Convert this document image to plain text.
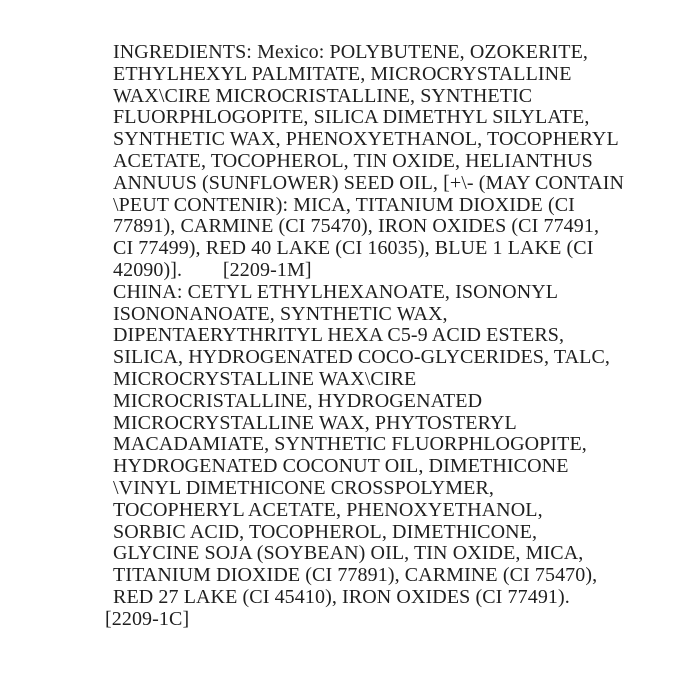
INGREDIENTS: Mexico: POLYBUTENE, OZOKERITE,
ETHYLHEXYL PALMITATE, MICROCRYSTALLINE
WAX\CIRE MICROCRISTALLINE, SYNTHETIC
FLUORPHLOGOPITE, SILICA DIMETHYL SILYLATE,
SYNTHETIC WAX, PHENOXYETHANOL, TOCOPHERYL
ACETATE, TOCOPHEROL, TIN OXIDE, HELIANTHUS
ANNUUS (SUNFLOWER) SEED OIL, [+\- (MAY CONTAIN
\PEUT CONTENIR): MICA, TITANIUM DIOXIDE (CI
77891), CARMINE (CI 75470), IRON OXIDES (CI 77491,
CI 77499), RED 40 LAKE (CI 16035), BLUE 1 LAKE (CI
42090)].        [2209-1M]
CHINA: CETYL ETHYLHEXANOATE, ISONONYL
ISONONANOATE, SYNTHETIC WAX,
DIPENTAERYTHRITYL HEXA C5-9 ACID ESTERS,
SILICA, HYDROGENATED COCO-GLYCERIDES, TALC,
MICROCRYSTALLINE WAX\CIRE
MICROCRISTALLINE, HYDROGENATED
MICROCRYSTALLINE WAX, PHYTOSTERYL
MACADAMIATE, SYNTHETIC FLUORPHLOGOPITE,
HYDROGENATED COCONUT OIL, DIMETHICONE
\VINYL DIMETHICONE CROSSPOLYMER,
TOCOPHERYL ACETATE, PHENOXYETHANOL,
SORBIC ACID, TOCOPHEROL, DIMETHICONE,
GLYCINE SOJA (SOYBEAN) OIL, TIN OXIDE, MICA,
TITANIUM DIOXIDE (CI 77891), CARMINE (CI 75470),
RED 27 LAKE (CI 45410), IRON OXIDES (CI 77491).
[2209-1C]
